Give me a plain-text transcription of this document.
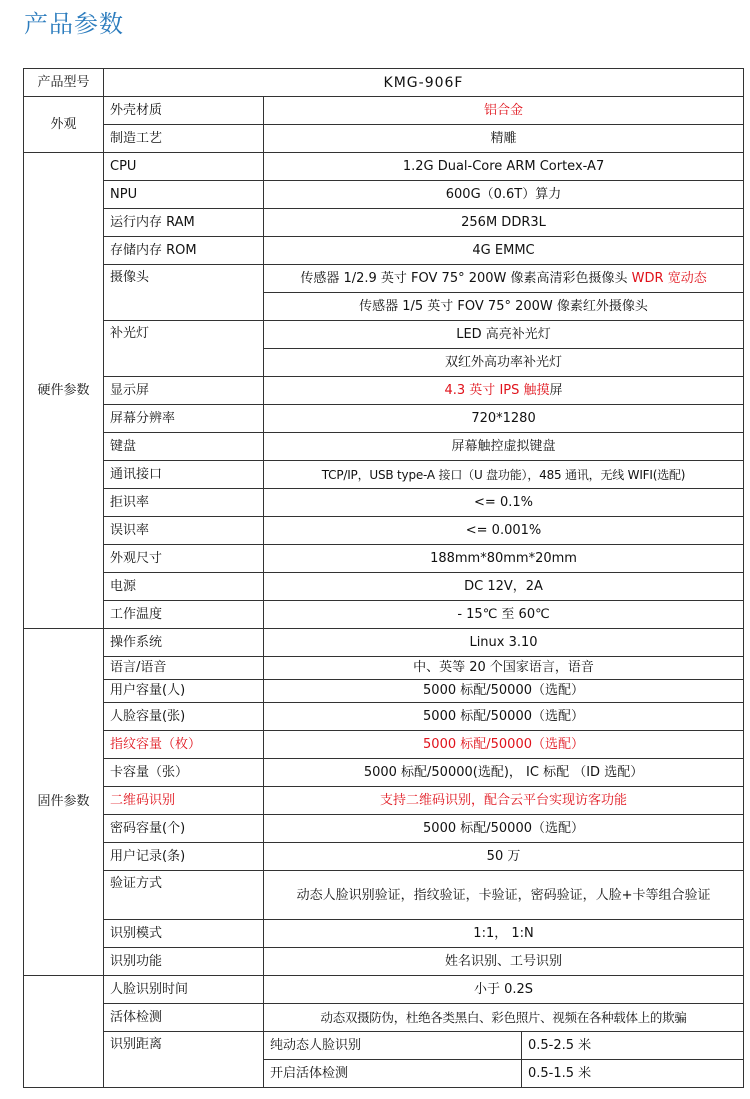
产品参数
产品型号	KMG-906F		
外观	外壳材质	铝合金	
	制造工艺	精雕	
硬件参数	CPU	1.2G Dual-Core ARM Cortex-A7	
	NPU	600G（0.6T）算力	
	运行内存 RAM	256M DDR3L	
	存储内存 ROM	4G EMMC	
	摄像头	传感器 1/2.9 英寸 FOV 75° 200W 像素高清彩色摄像头 WDR 宽动态	
		传感器 1/5 英寸 FOV 75° 200W 像素红外摄像头	
	补光灯	LED 高亮补光灯	
		双红外高功率补光灯	
	显示屏	4.3 英寸 IPS 触摸屏	
	屏幕分辨率	720*1280	
	键盘	屏幕触控虚拟键盘	
	通讯接口	TCP/IP，USB type-A 接口（U 盘功能），485 通讯，无线 WIFI(选配)	
	拒识率	<= 0.1%	
	误识率	<= 0.001%	
	外观尺寸	188mm*80mm*20mm	
	电源	DC 12V，2A	
	工作温度	- 15℃ 至 60℃	
固件参数	操作系统	Linux 3.10	
	语言/语音	中、英等 20 个国家语言，语音	
	用户容量(人)	5000 标配/50000（选配）	
	人脸容量(张)	5000 标配/50000（选配）	
	指纹容量（枚）	5000 标配/50000（选配）	
	卡容量（张）	5000 标配/50000(选配)， IC 标配 （ID 选配）	
	二维码识别	支持二维码识别，配合云平台实现访客功能	
	密码容量(个)	5000 标配/50000（选配）	
	用户记录(条)	50 万	
	验证方式	动态人脸识别验证，指纹验证，卡验证，密码验证，人脸+卡等组合验证	
	识别模式	1:1， 1:N	
	识别功能	姓名识别、工号识别	
	人脸识别时间	小于 0.2S	
	活体检测	动态双摄防伪，杜绝各类黑白、彩色照片、视频在各种载体上的欺骗	
	识别距离	纯动态人脸识别	0.5-2.5 米
		开启活体检测	0.5-1.5 米
